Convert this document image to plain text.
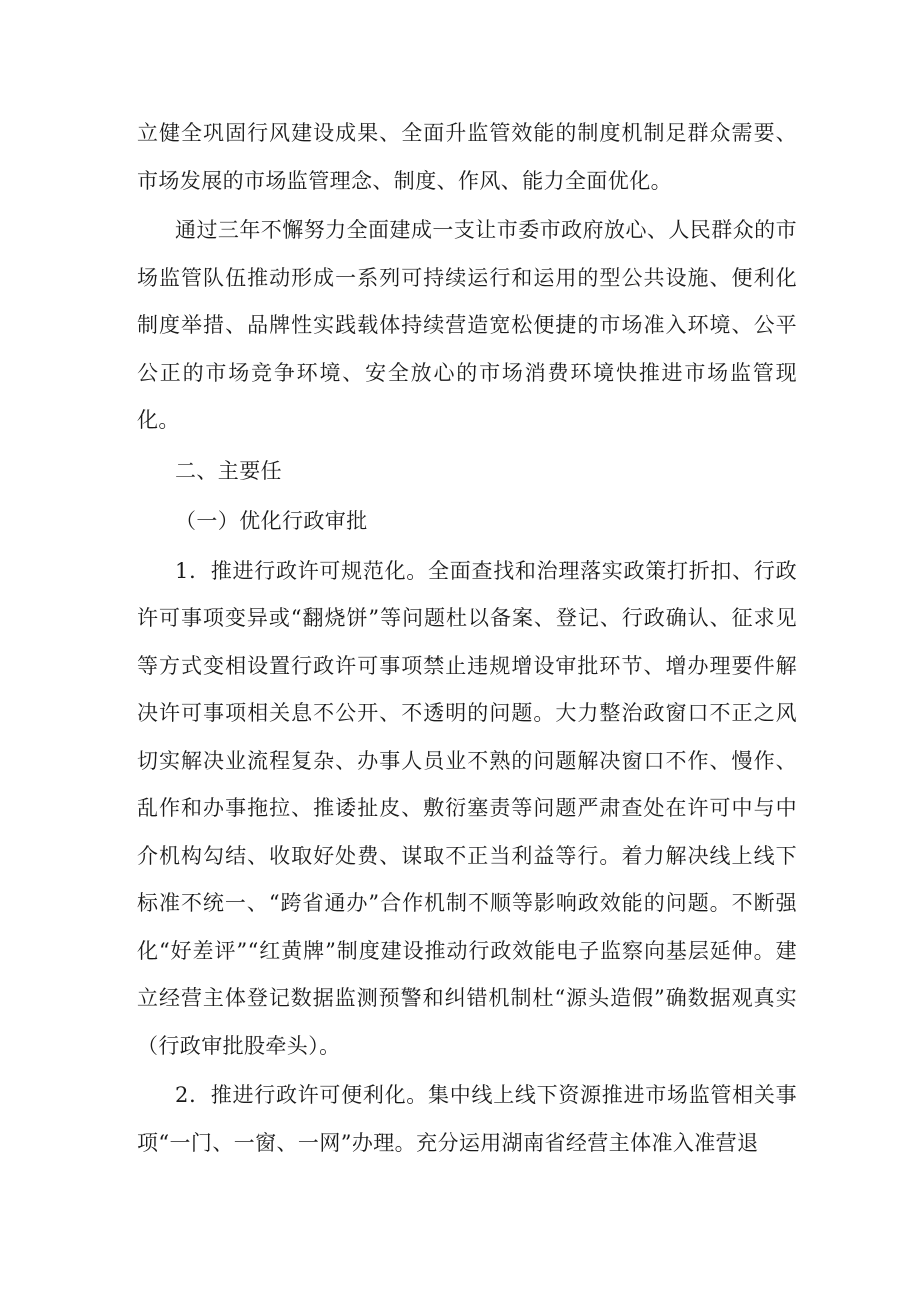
立健全巩固行风建设成果、全面升监管效能的制度机制足群众需要、市场发展的市场监管理念、制度、作风、能力全面优化。

通过三年不懈努力全面建成一支让市委市政府放心、人民群众的市场监管队伍推动形成一系列可持续运行和运用的型公共设施、便利化制度举措、品牌性实践载体持续营造宽松便捷的市场准入环境、公平公正的市场竞争环境、安全放心的市场消费环境快推进市场监管现化。

二、主要任

（一）优化行政审批

1．推进行政许可规范化。全面查找和治理落实政策打折扣、行政许可事项变异或“翻烧饼”等问题杜以备案、登记、行政确认、征求见等方式变相设置行政许可事项禁止违规增设审批环节、增办理要件解决许可事项相关息不公开、不透明的问题。大力整治政窗口不正之风切实解决业流程复杂、办事人员业不熟的问题解决窗口不作、慢作、乱作和办事拖拉、推诿扯皮、敷衍塞责等问题严肃查处在许可中与中介机构勾结、收取好处费、谋取不正当利益等行。着力解决线上线下标准不统一、“跨省通办”合作机制不顺等影响政效能的问题。不断强化“好差评”“红黄牌”制度建设推动行政效能电子监察向基层延伸。建立经营主体登记数据监测预警和纠错机制杜“源头造假”确数据观真实（行政审批股牵头）。

2．推进行政许可便利化。集中线上线下资源推进市场监管相关事项“一门、一窗、一网”办理。充分运用湖南省经营主体准入准营退
